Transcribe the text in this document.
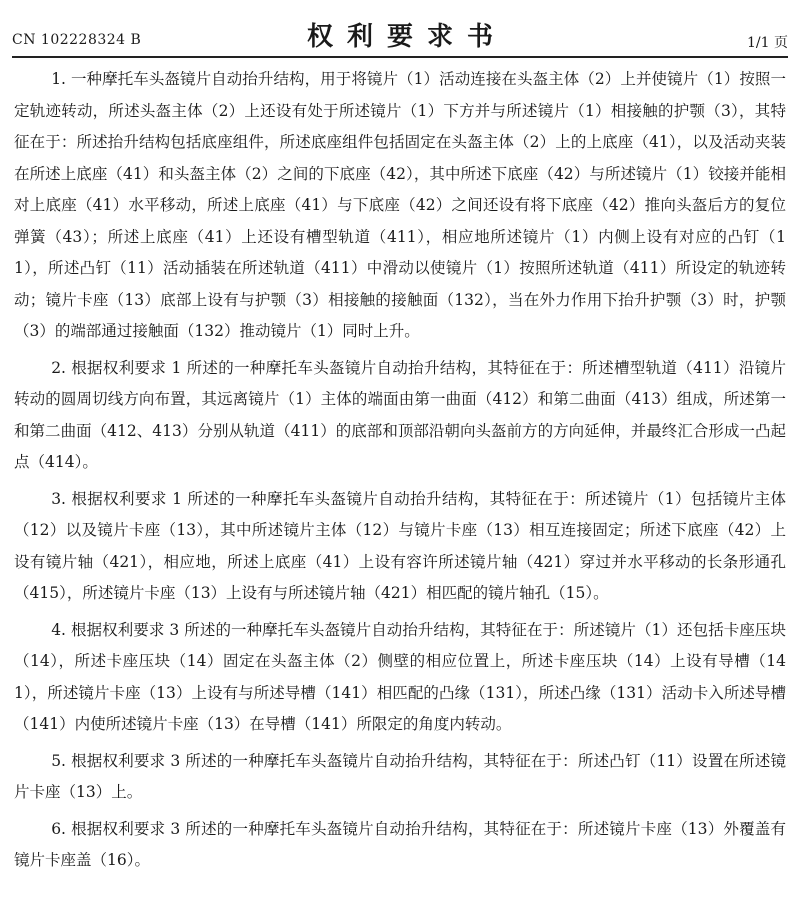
CN 102228324 B	权利要求书	1/1 页

1. 一种摩托车头盔镜片自动抬升结构，用于将镜片（1）活动连接在头盔主体（2）上并使镜片（1）按照一定轨迹转动，所述头盔主体（2）上还设有处于所述镜片（1）下方并与所述镜片（1）相接触的护颚（3），其特征在于：所述抬升结构包括底座组件，所述底座组件包括固定在头盔主体（2）上的上底座（41），以及活动夹装在所述上底座（41）和头盔主体（2）之间的下底座（42），其中所述下底座（42）与所述镜片（1）铰接并能相对上底座（41）水平移动，所述上底座（41）与下底座（42）之间还设有将下底座（42）推向头盔后方的复位弹簧（43）；所述上底座（41）上还设有槽型轨道（411），相应地所述镜片（1）内侧上设有对应的凸钉（11），所述凸钉（11）活动插装在所述轨道（411）中滑动以使镜片（1）按照所述轨道（411）所设定的轨迹转动；镜片卡座（13）底部上设有与护颚（3）相接触的接触面（132），当在外力作用下抬升护颚（3）时，护颚（3）的端部通过接触面（132）推动镜片（1）同时上升。

2. 根据权利要求 1 所述的一种摩托车头盔镜片自动抬升结构，其特征在于：所述槽型轨道（411）沿镜片转动的圆周切线方向布置，其远离镜片（1）主体的端面由第一曲面（412）和第二曲面（413）组成，所述第一和第二曲面（412、413）分别从轨道（411）的底部和顶部沿朝向头盔前方的方向延伸，并最终汇合形成一凸起点（414）。

3. 根据权利要求 1 所述的一种摩托车头盔镜片自动抬升结构，其特征在于：所述镜片（1）包括镜片主体（12）以及镜片卡座（13），其中所述镜片主体（12）与镜片卡座（13）相互连接固定；所述下底座（42）上设有镜片轴（421），相应地，所述上底座（41）上设有容许所述镜片轴（421）穿过并水平移动的长条形通孔（415），所述镜片卡座（13）上设有与所述镜片轴（421）相匹配的镜片轴孔（15）。

4. 根据权利要求 3 所述的一种摩托车头盔镜片自动抬升结构，其特征在于：所述镜片（1）还包括卡座压块（14），所述卡座压块（14）固定在头盔主体（2）侧壁的相应位置上，所述卡座压块（14）上设有导槽（141），所述镜片卡座（13）上设有与所述导槽（141）相匹配的凸缘（131），所述凸缘（131）活动卡入所述导槽（141）内使所述镜片卡座（13）在导槽（141）所限定的角度内转动。

5. 根据权利要求 3 所述的一种摩托车头盔镜片自动抬升结构，其特征在于：所述凸钉（11）设置在所述镜片卡座（13）上。

6. 根据权利要求 3 所述的一种摩托车头盔镜片自动抬升结构，其特征在于：所述镜片卡座（13）外覆盖有镜片卡座盖（16）。
